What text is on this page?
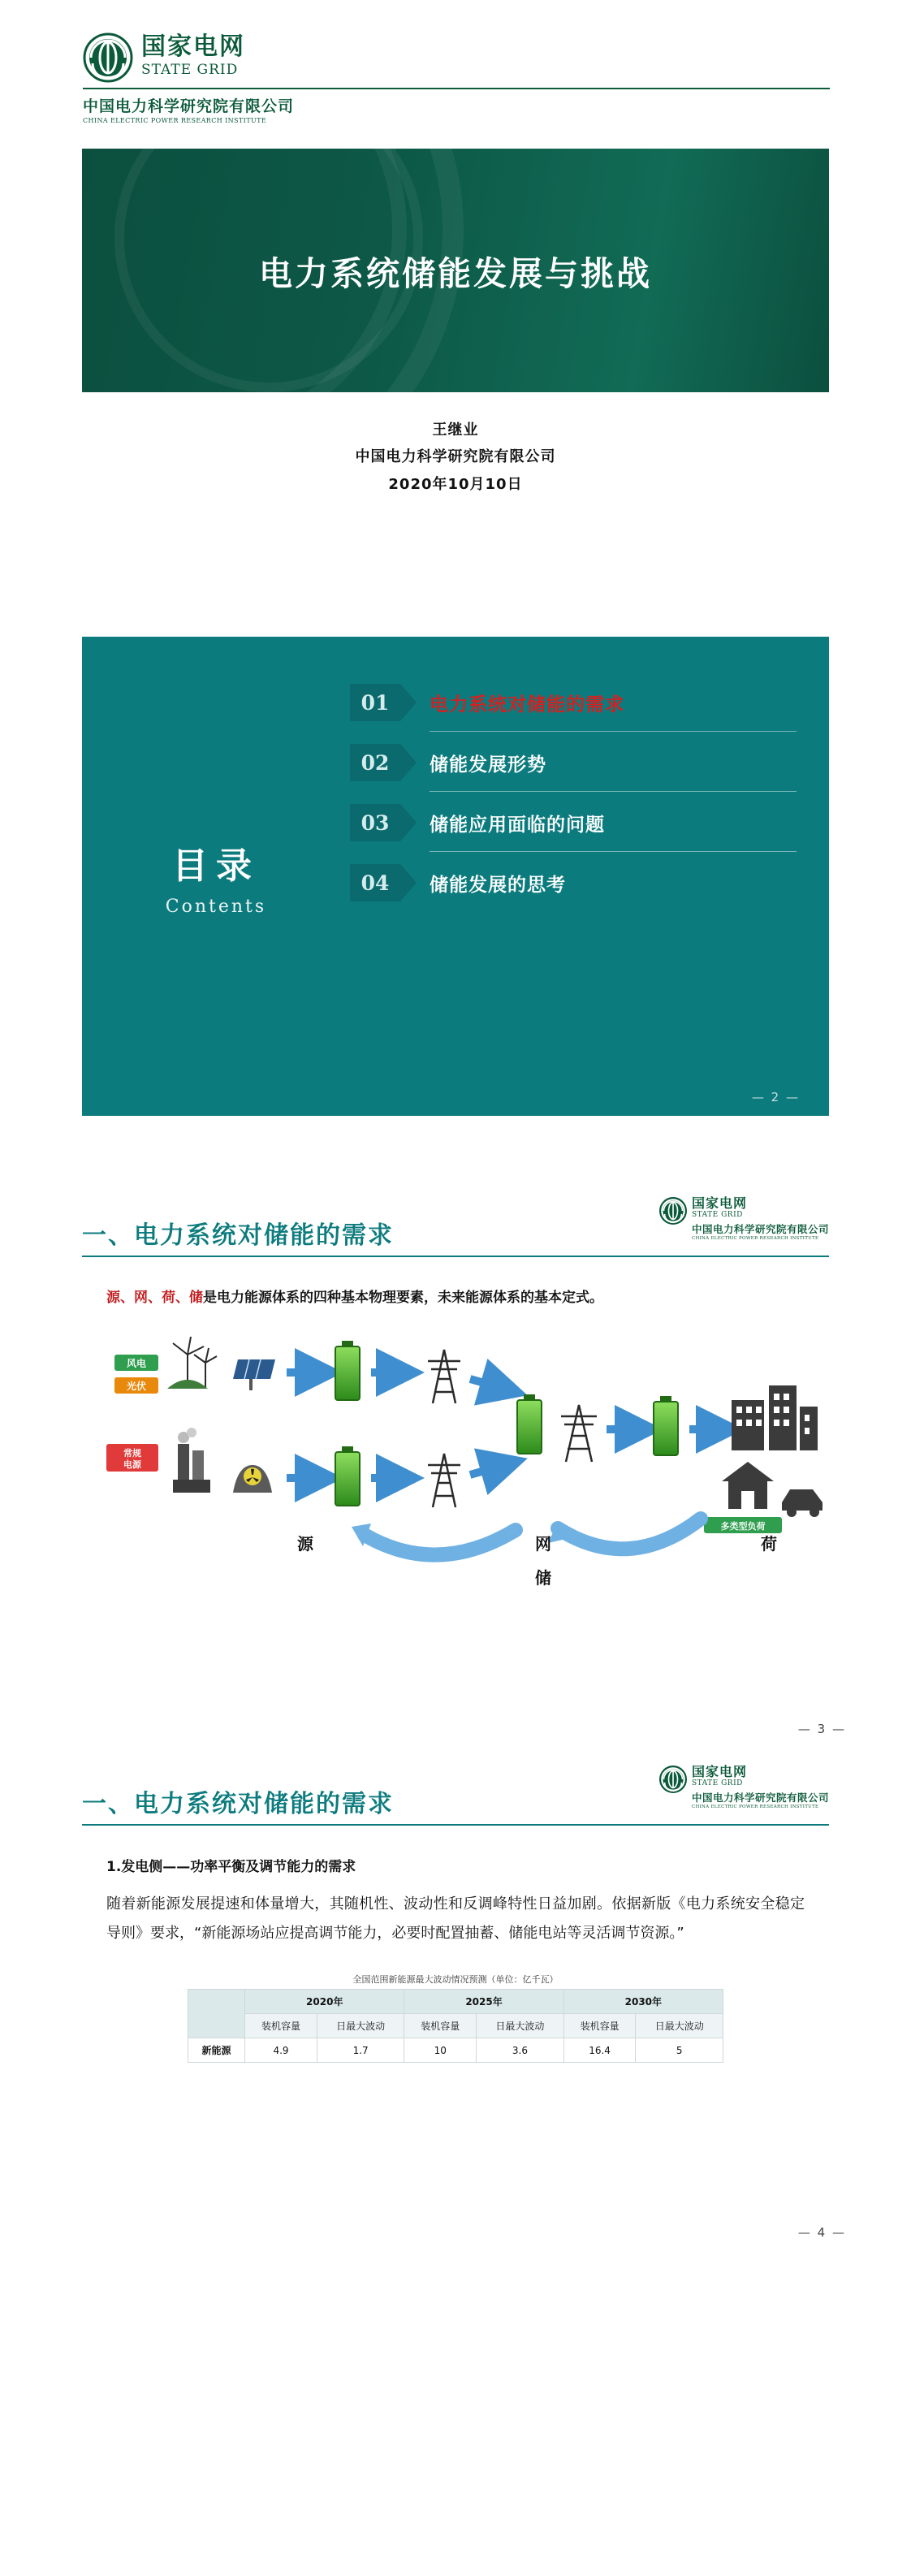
国家电网
STATE GRID
中国电力科学研究院有限公司
CHINA ELECTRIC POWER RESEARCH INSTITUTE
电力系统储能发展与挑战
王继业
中国电力科学研究院有限公司
2020年10月10日
目录
Contents
01	电力系统对储能的需求
02	储能发展形势
03	储能应用面临的问题
04	储能发展的思考
— 2 —
一、电力系统对储能的需求
国家电网
STATE GRID
中国电力科学研究院有限公司
CHINA ELECTRIC POWER RESEARCH INSTITUTE
源、网、荷、储是电力能源体系的四种基本物理要素，未来能源体系的基本定式。
风电
光伏
常规
电源
多类型负荷
源	网	荷
储
— 3 —
一、电力系统对储能的需求
国家电网
STATE GRID
中国电力科学研究院有限公司
CHINA ELECTRIC POWER RESEARCH INSTITUTE
1.发电侧——功率平衡及调节能力的需求
随着新能源发展提速和体量增大，其随机性、波动性和反调峰特性日益加剧。依据新版《电力系统安全稳定导则》要求，“新能源场站应提高调节能力，必要时配置抽蓄、储能电站等灵活调节资源。”
全国范围新能源最大波动情况预测（单位：亿千瓦）
	2020年		2025年		2030年	
	装机容量	日最大波动	装机容量	日最大波动	装机容量	日最大波动
新能源	4.9	1.7	10	3.6	16.4	5
— 4 —
